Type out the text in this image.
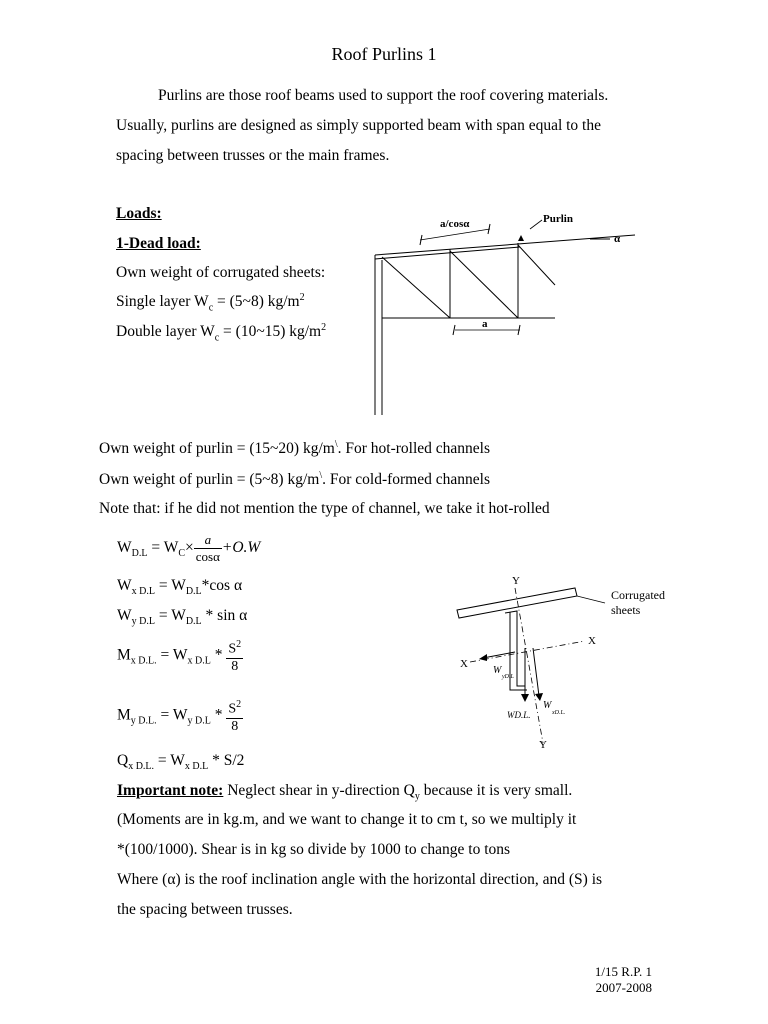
Roof Purlins 1
Purlins are those roof beams used to support the roof covering materials.
Usually, purlins are designed as simply supported beam with span equal to the
spacing between trusses or the main frames.
Loads:
1-Dead load:
Own weight of corrugated sheets:
Single layer $W_c$ = (5~8) $kg/m^2$
Double layer $W_c$ = (10~15) $kg/m^2$
a/cosα	Purlin
α
a
Own weight of purlin = (15~20) kg/m\. For hot-rolled channels
Own weight of purlin = (5~8) kg/m\. For cold-formed channels
Note that: if he did not mention the type of channel, we take it hot-rolled
$W_{D.L} = W_C\times \frac{a}{\cos\alpha} +O.W$
$W_{x D.L} = W_{D.L}*\cos$ α
$W_{y D.L} = W_{D.L} * \sin \alpha$
$M_{x D.L.} = W_{x D.L} * \frac{S^2}{8}$
$M_{y D.L.} = W_{y D.L} * \frac{S^2}{8}$
$Q_{x D.L.} = W_{x D.L} * S/2$
Y
Y
X
X
W
yD.L
WD.L.
W
xD.L.
Corrugated
sheets
Important note: Neglect shear in y-direction $Q_y$ because it is very small.
(Moments are in kg.m, and we want to change it to cm t, so we multiply it
*(100/1000). Shear is in kg so divide by 1000 to change to tons
Where (α) is the roof inclination angle with the horizontal direction, and (S) is
the spacing between trusses.
1/15 R.P. 1
2007-2008
